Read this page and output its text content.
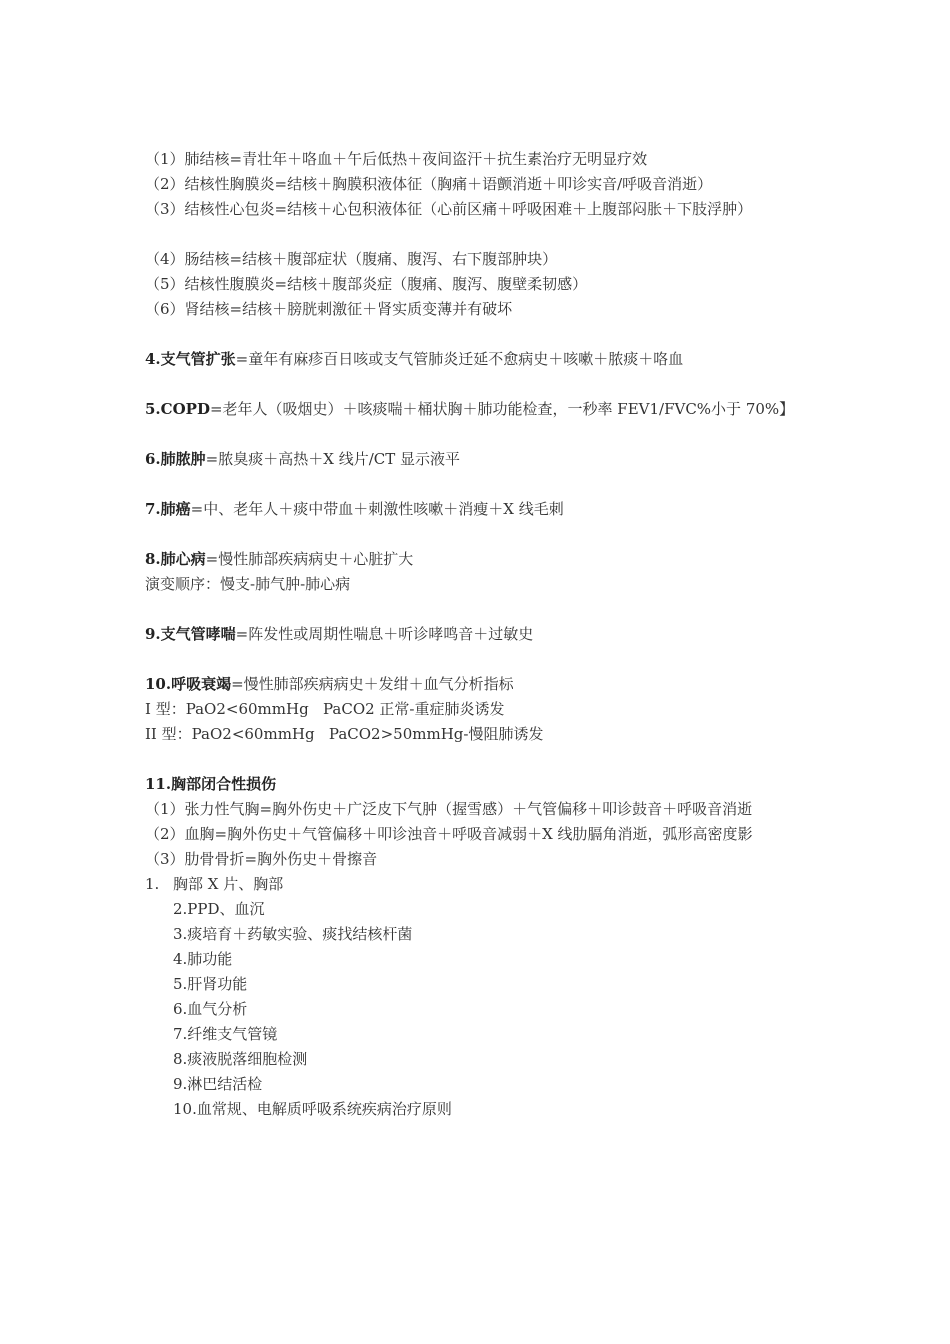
（1）肺结核=青壮年＋咯血＋午后低热＋夜间盗汗＋抗生素治疗无明显疗效
（2）结核性胸膜炎=结核＋胸膜积液体征（胸痛＋语颤消逝＋叩诊实音/呼吸音消逝）
（3）结核性心包炎=结核＋心包积液体征（心前区痛＋呼吸困难＋上腹部闷胀＋下肢浮肿）
（4）肠结核=结核＋腹部症状（腹痛、腹泻、右下腹部肿块）
（5）结核性腹膜炎=结核＋腹部炎症（腹痛、腹泻、腹壁柔韧感）
（6）肾结核=结核＋膀胱刺激征＋肾实质变薄并有破坏
4.支气管扩张=童年有麻疹百日咳或支气管肺炎迁延不愈病史＋咳嗽＋脓痰＋咯血
5.COPD=老年人（吸烟史）＋咳痰喘＋桶状胸＋肺功能检查，一秒率 FEV1/FVC%小于 70%】
6.肺脓肿=脓臭痰＋高热＋X 线片/CT 显示液平
7.肺癌=中、老年人＋痰中带血＋刺激性咳嗽＋消瘦＋X 线毛刺
8.肺心病=慢性肺部疾病病史＋心脏扩大
演变顺序：慢支-肺气肿-肺心病
9.支气管哮喘=阵发性或周期性喘息＋听诊哮鸣音＋过敏史
10.呼吸衰竭=慢性肺部疾病病史＋发绀＋血气分析指标
I 型：PaO2<60mmHg   PaCO2 正常-重症肺炎诱发
II 型：PaO2<60mmHg   PaCO2>50mmHg-慢阻肺诱发
11.胸部闭合性损伤
（1）张力性气胸=胸外伤史＋广泛皮下气肿（握雪感）＋气管偏移＋叩诊鼓音＋呼吸音消逝
（2）血胸=胸外伤史＋气管偏移＋叩诊浊音＋呼吸音减弱＋X 线肋膈角消逝，弧形高密度影
（3）肋骨骨折=胸外伤史＋骨擦音
1. 胸部 X 片、胸部
2.PPD、血沉
3.痰培育＋药敏实验、痰找结核杆菌
4.肺功能
5.肝肾功能
6.血气分析
7.纤维支气管镜
8.痰液脱落细胞检测
9.淋巴结活检
10.血常规、电解质呼吸系统疾病治疗原则
